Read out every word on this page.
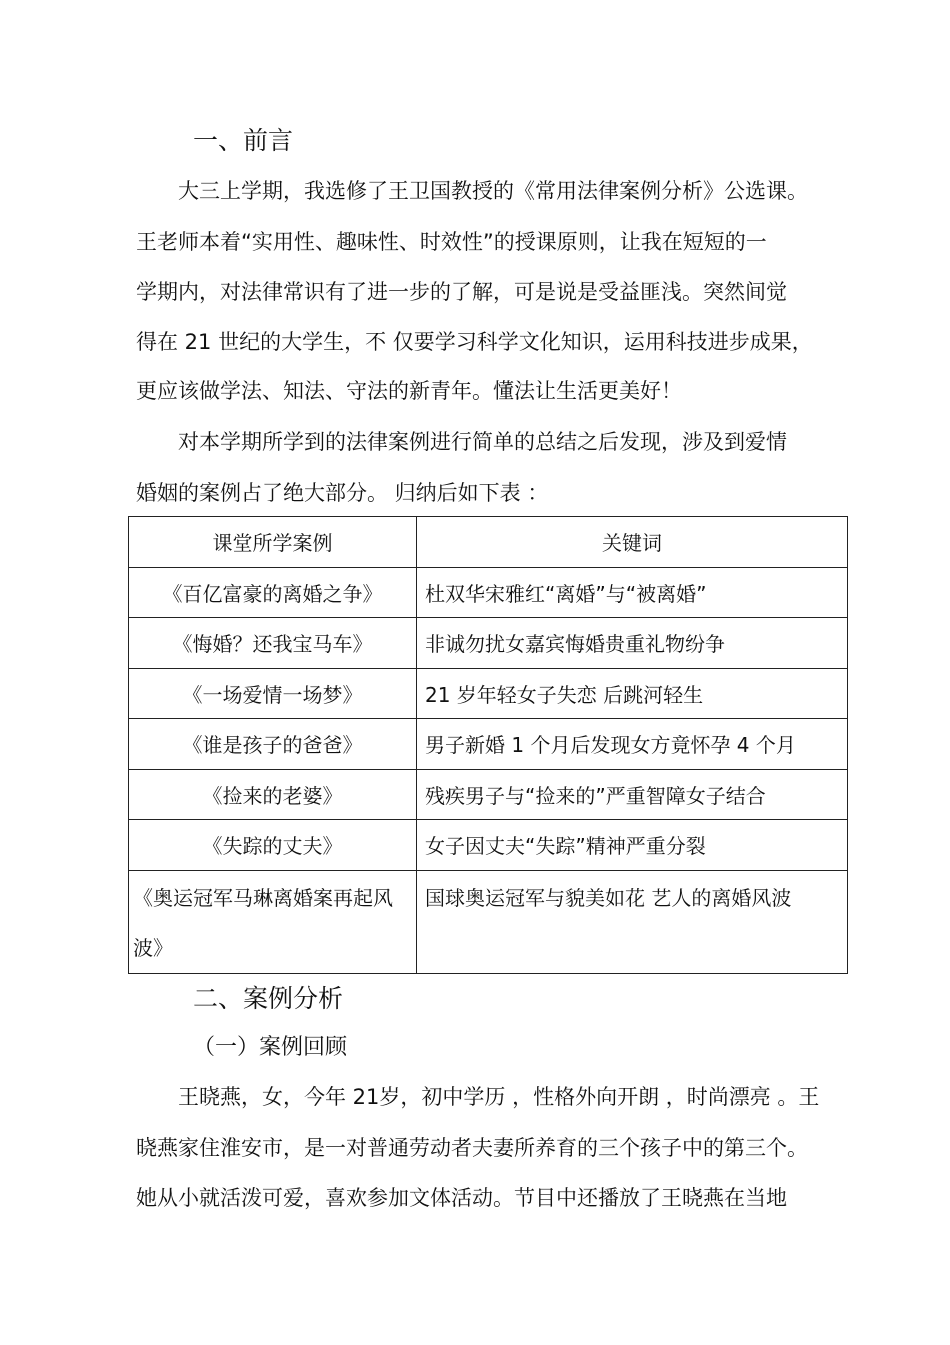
一、前言
大三上学期，我选修了王卫国教授的《常用法律案例分析》公选课。
王老师本着“实用性、趣味性、时效性”的授课原则，让我在短短的一
学期内，对法律常识有了进一步的了解，可是说是受益匪浅。突然间觉
得在 21 世纪的大学生，不 仅要学习科学文化知识，运用科技进步成果，
更应该做学法、知法、守法的新青年。懂法让生活更美好！
对本学期所学到的法律案例进行简单的总结之后发现，涉及到爱情
婚姻的案例占了绝大部分。 归纳后如下表 ：
课堂所学案例	关键词
《百亿富豪的离婚之争》	杜双华宋雅红“离婚”与“被离婚”
《悔婚？还我宝马车》	非诚勿扰女嘉宾悔婚贵重礼物纷争
《一场爱情一场梦》	21 岁年轻女子失恋 后跳河轻生
《谁是孩子的爸爸》	男子新婚 1 个月后发现女方竟怀孕 4 个月
《捡来的老婆》	残疾男子与“捡来的”严重智障女子结合
《失踪的丈夫》	女子因丈夫“失踪”精神严重分裂
《奥运冠军马琳离婚案再起风波》	国球奥运冠军与貌美如花 艺人的离婚风波
二、案例分析
（一）案例回顾
王晓燕，女，今年 21岁，初中学历 ，性格外向开朗 ，时尚漂亮 。王
晓燕家住淮安市，是一对普通劳动者夫妻所养育的三个孩子中的第三个。
她从小就活泼可爱，喜欢参加文体活动。节目中还播放了王晓燕在当地
